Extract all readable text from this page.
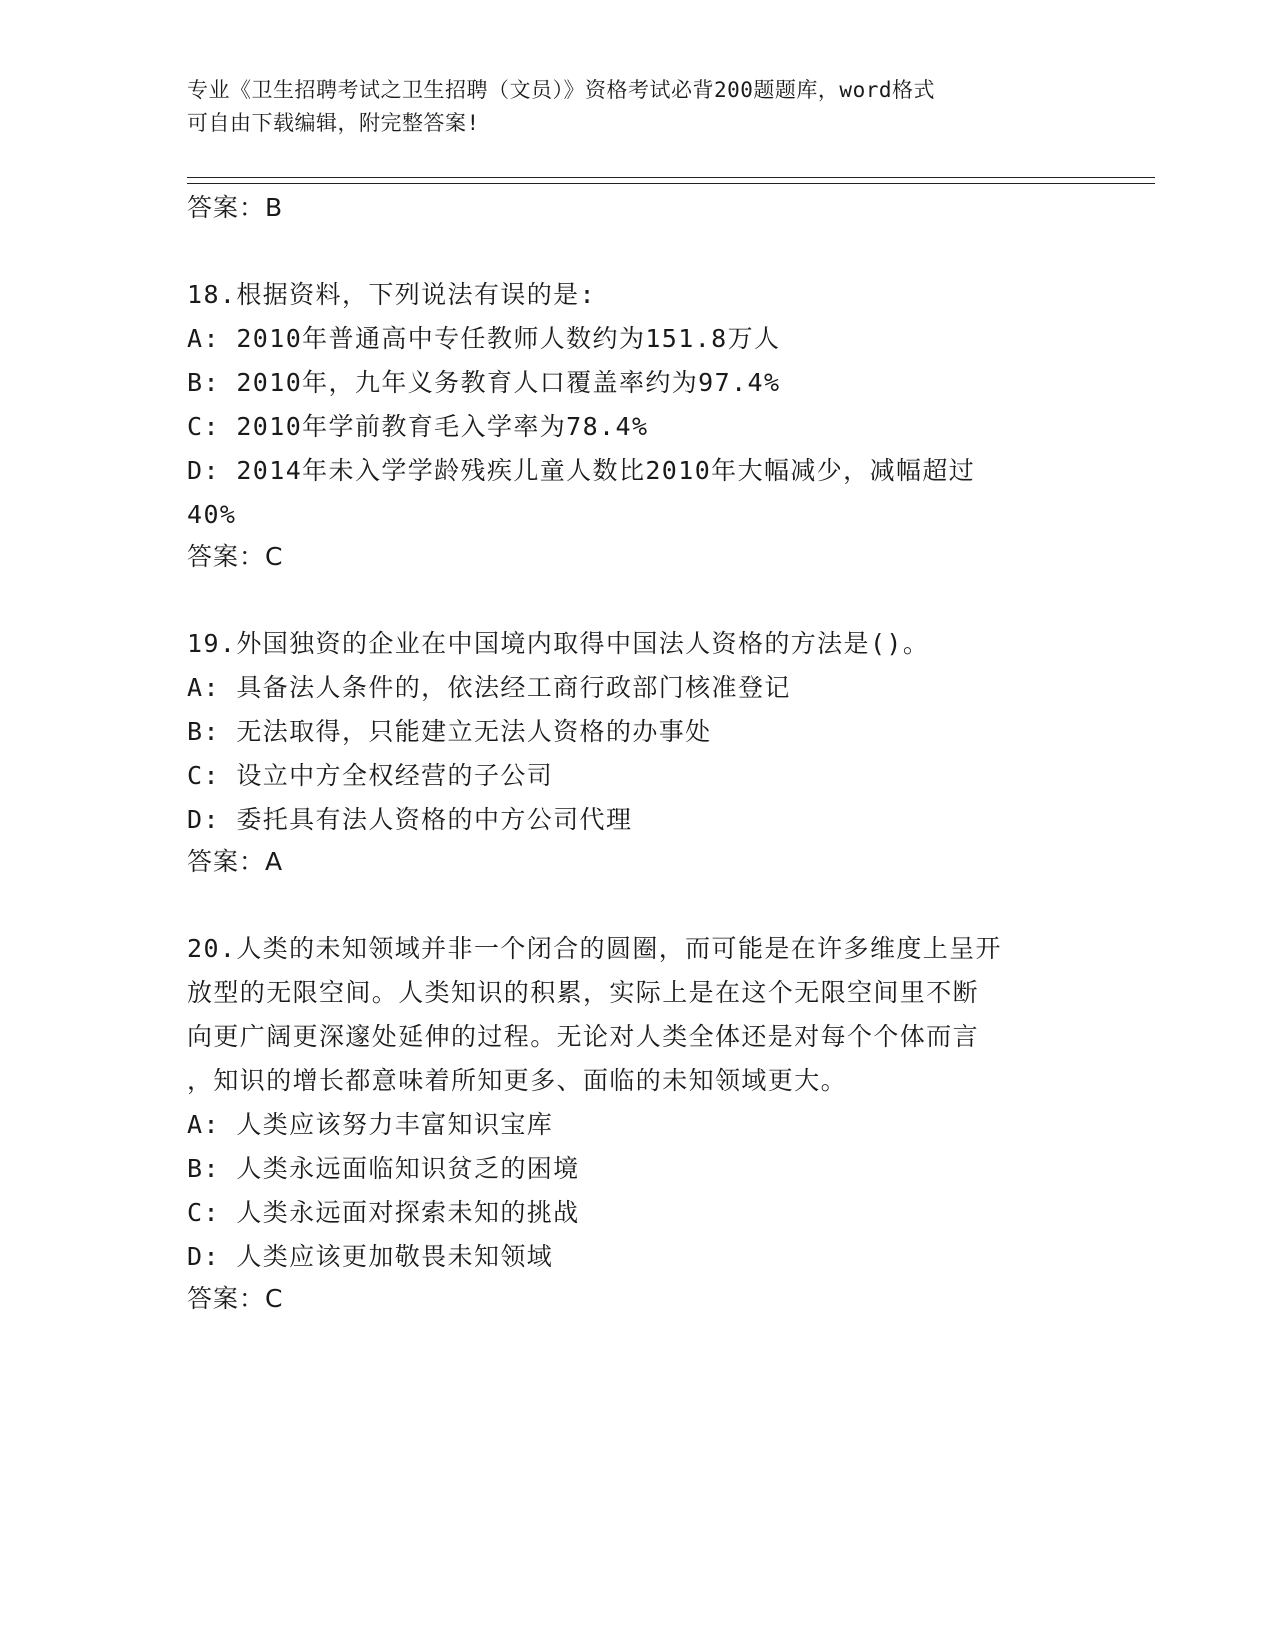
专业《卫生招聘考试之卫生招聘（文员）》资格考试必背200题题库，word格式
可自由下载编辑，附完整答案!
答案：B
18.根据资料，下列说法有误的是:
A: 2010年普通高中专任教师人数约为151.8万人
B: 2010年，九年义务教育人口覆盖率约为97.4%
C: 2010年学前教育毛入学率为78.4%
D: 2014年未入学学龄残疾儿童人数比2010年大幅减少，减幅超过
40%
答案：C
19.外国独资的企业在中国境内取得中国法人资格的方法是()。
A: 具备法人条件的，依法经工商行政部门核准登记
B: 无法取得，只能建立无法人资格的办事处
C: 设立中方全权经营的子公司
D: 委托具有法人资格的中方公司代理
答案：A
20.人类的未知领域并非一个闭合的圆圈，而可能是在许多维度上呈开
放型的无限空间。人类知识的积累，实际上是在这个无限空间里不断
向更广阔更深邃处延伸的过程。无论对人类全体还是对每个个体而言
，知识的增长都意味着所知更多、面临的未知领域更大。
A: 人类应该努力丰富知识宝库
B: 人类永远面临知识贫乏的困境
C: 人类永远面对探索未知的挑战
D: 人类应该更加敬畏未知领域
答案：C
